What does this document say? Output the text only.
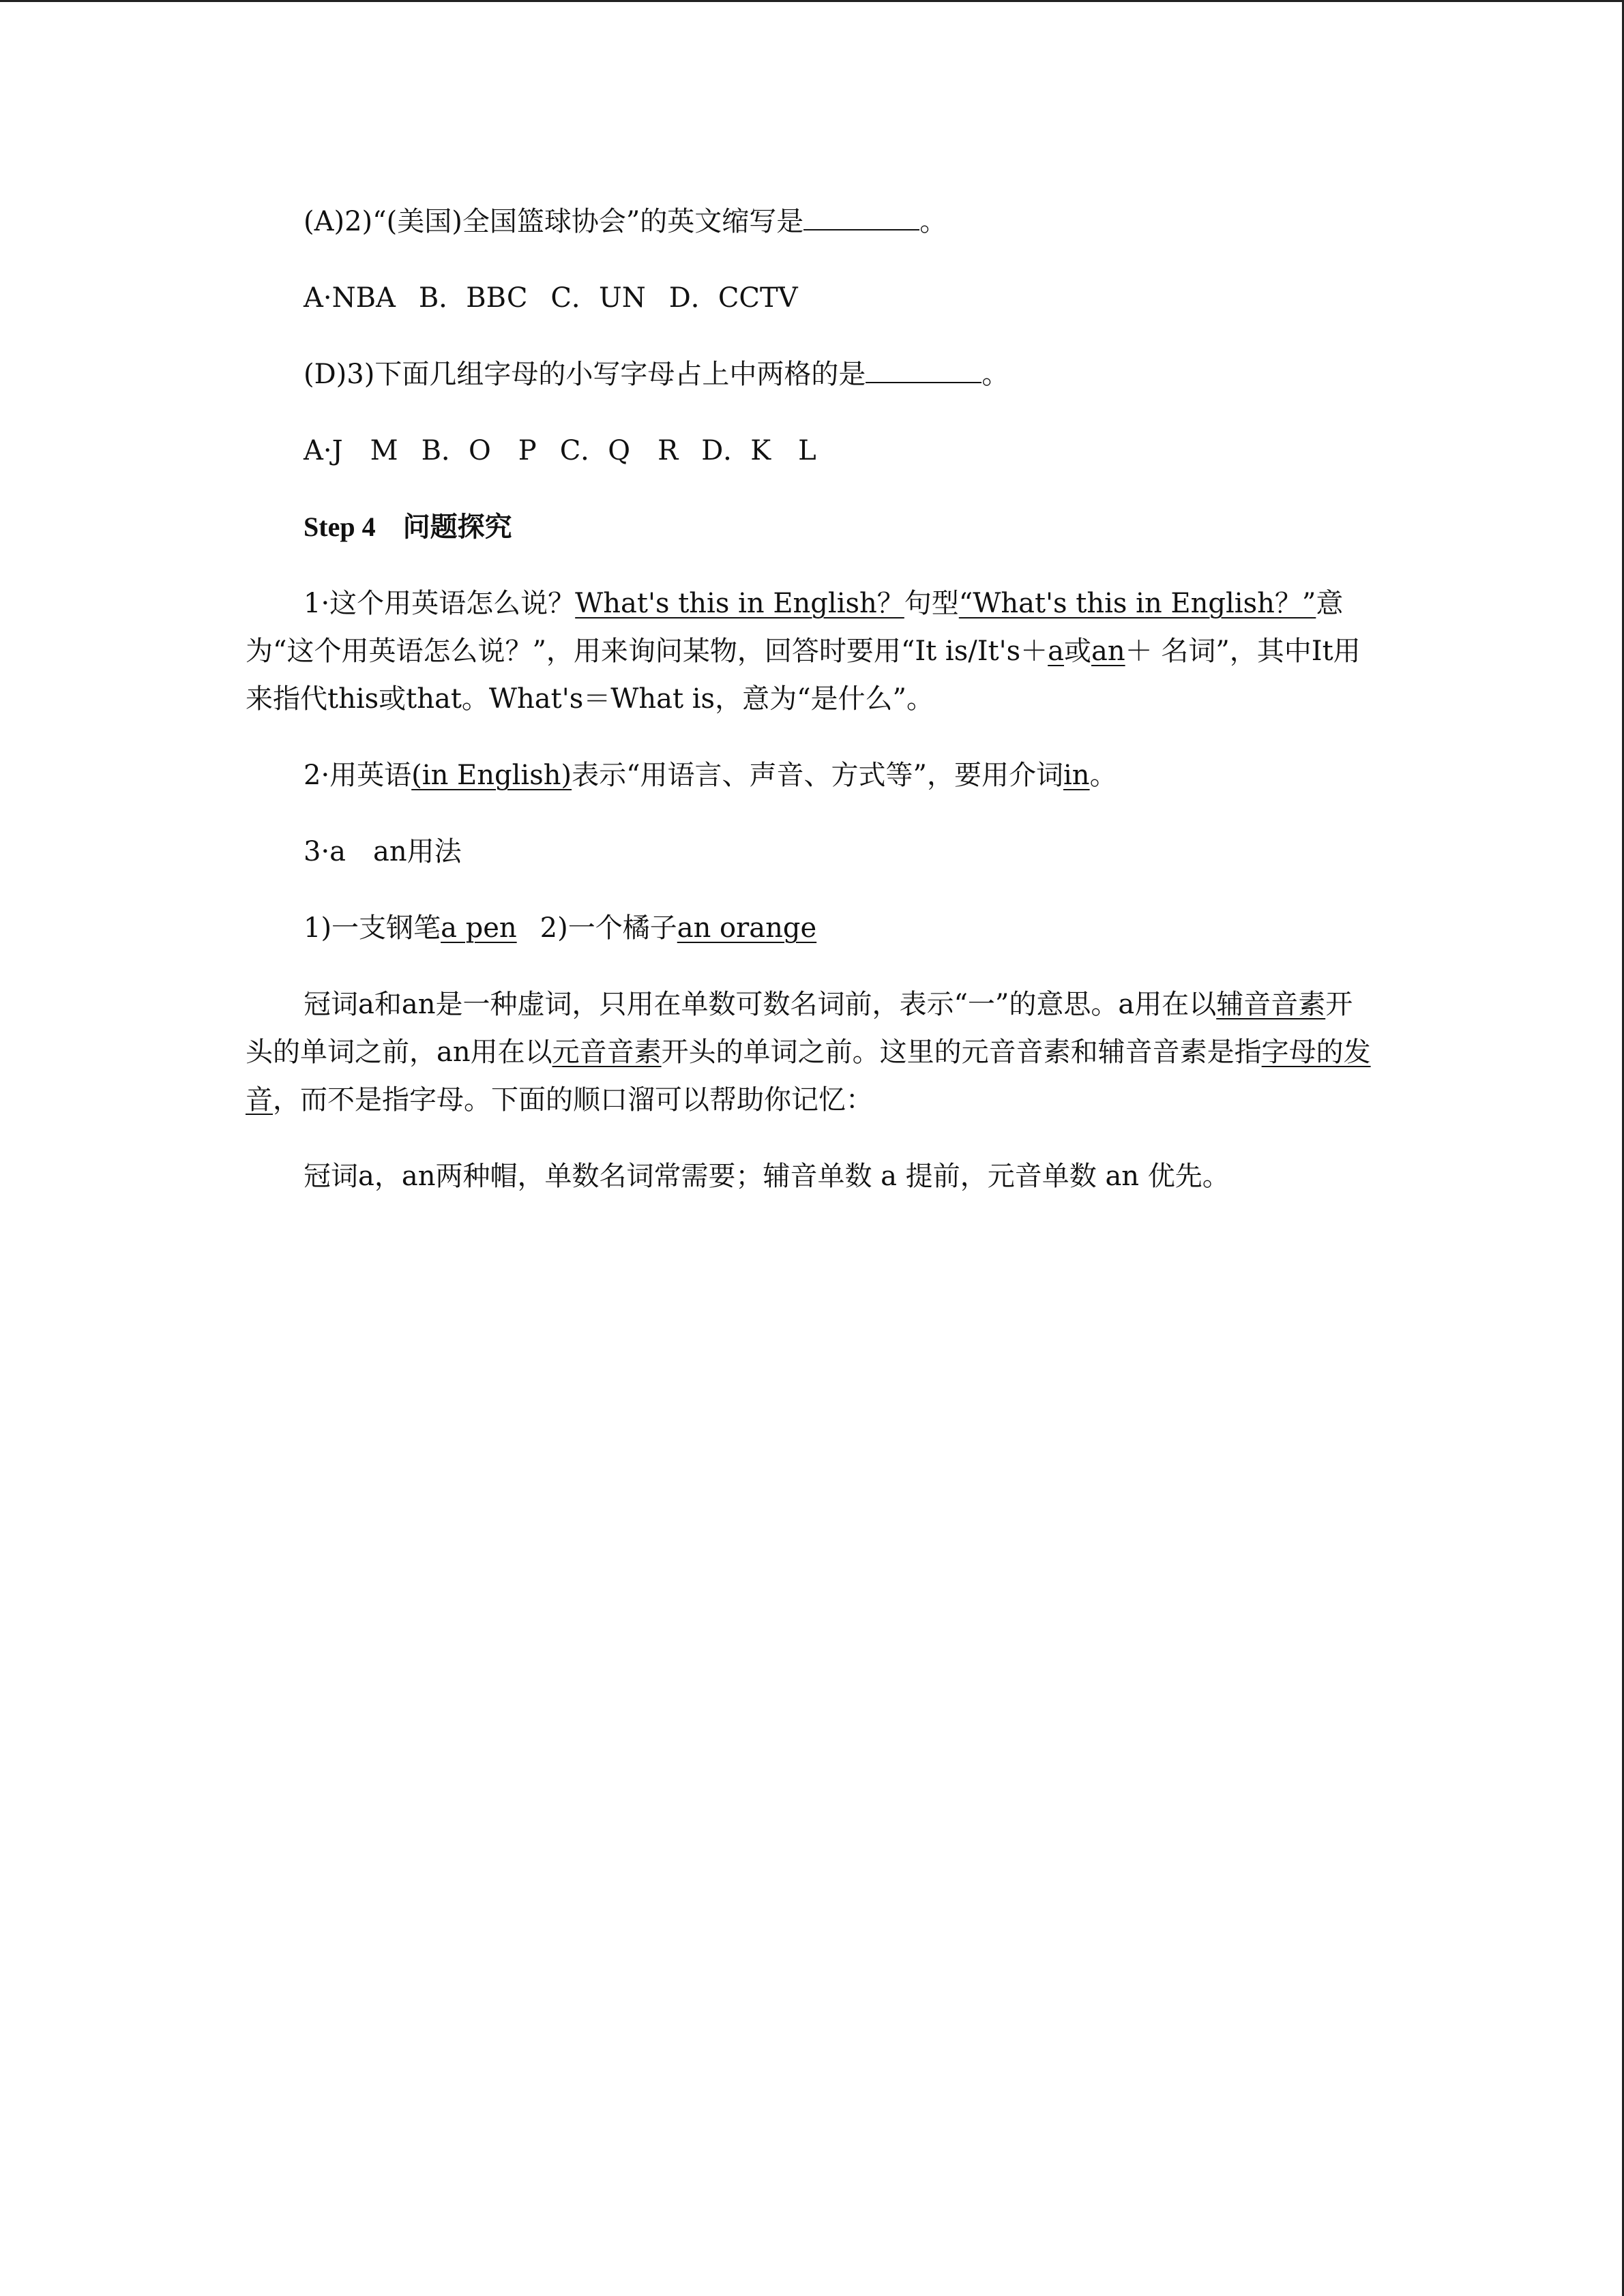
(A)2)“(美国)全国篮球协会”的英文缩写是	。

A·NBA B．BBC C．UN D．CCTV

(D)3)下面几组字母的小写字母占上中两格的是	。

A·J　M B．O　P C．Q　R D．K　L

Step 4　 问题探究

1·这个用英语怎么说？What's this in English？句型“What's this in English？”意为“这个用英语怎么说？”，用来询问某物，回答时要用“It is/It's＋a或an＋ 名词”，其中It用来指代this或that。What's＝What is，意为“是什么”。

2·用英语(in English)表示“用语言、声音、方式等”，要用介词in。

3·a　an用法

1)一支钢笔a pen 2)一个橘子an orange

冠词a和an是一种虚词，只用在单数可数名词前，表示“一”的意思。a用在以辅音音素开头的单词之前，an用在以元音音素开头的单词之前。这里的元音音素和辅音音素是指字母的发音，而不是指字母。下面的顺口溜可以帮助你记忆：

冠词a，an两种帽，单数名词常需要；辅音单数 a 提前，元音单数 an 优先。
